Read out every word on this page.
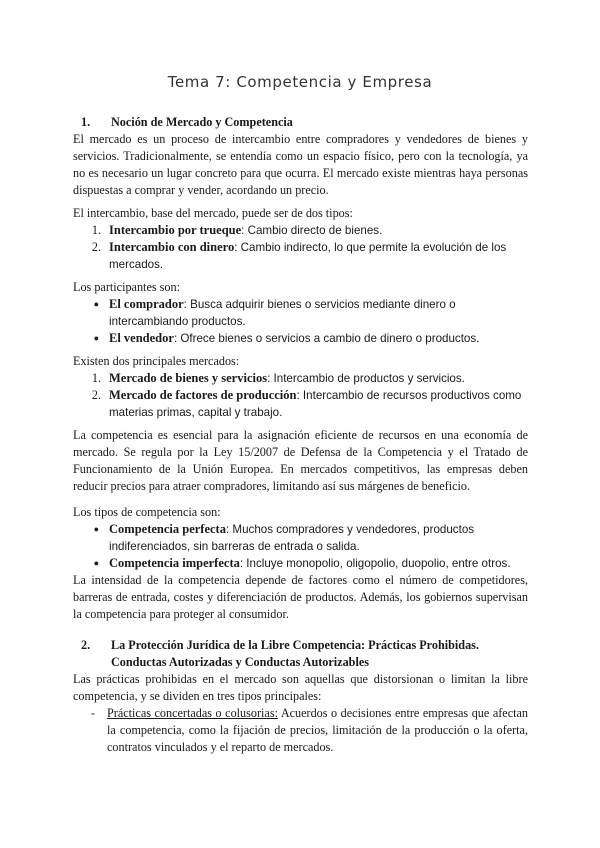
Tema 7: Competencia y Empresa
1. Noción de Mercado y Competencia

El mercado es un proceso de intercambio entre compradores y vendedores de bienes y servicios. Tradicionalmente, se entendía como un espacio físico, pero con la tecnología, ya no es necesario un lugar concreto para que ocurra. El mercado existe mientras haya personas dispuestas a comprar y vender, acordando un precio.

El intercambio, base del mercado, puede ser de dos tipos:

1. Intercambio por trueque: Cambio directo de bienes.
2. Intercambio con dinero: Cambio indirecto, lo que permite la evolución de los mercados.

Los participantes son:

● El comprador: Busca adquirir bienes o servicios mediante dinero o intercambiando productos.
● El vendedor: Ofrece bienes o servicios a cambio de dinero o productos.

Existen dos principales mercados:

1. Mercado de bienes y servicios: Intercambio de productos y servicios.
2. Mercado de factores de producción: Intercambio de recursos productivos como materias primas, capital y trabajo.

La competencia es esencial para la asignación eficiente de recursos en una economía de mercado. Se regula por la Ley 15/2007 de Defensa de la Competencia y el Tratado de Funcionamiento de la Unión Europea. En mercados competitivos, las empresas deben reducir precios para atraer compradores, limitando así sus márgenes de beneficio.

Los tipos de competencia son:

● Competencia perfecta: Muchos compradores y vendedores, productos indiferenciados, sin barreras de entrada o salida.
● Competencia imperfecta: Incluye monopolio, oligopolio, duopolio, entre otros.

La intensidad de la competencia depende de factores como el número de competidores, barreras de entrada, costes y diferenciación de productos. Además, los gobiernos supervisan la competencia para proteger al consumidor.

2.	La Protección Jurídica de la Libre Competencia: Prácticas Prohibidas. Conductas Autorizadas y Conductas Autorizables

Las prácticas prohibidas en el mercado son aquellas que distorsionan o limitan la libre competencia, y se dividen en tres tipos principales:

- Prácticas concertadas o colusorias: Acuerdos o decisiones entre empresas que afectan la competencia, como la fijación de precios, limitación de la producción o la oferta, contratos vinculados y el reparto de mercados.
